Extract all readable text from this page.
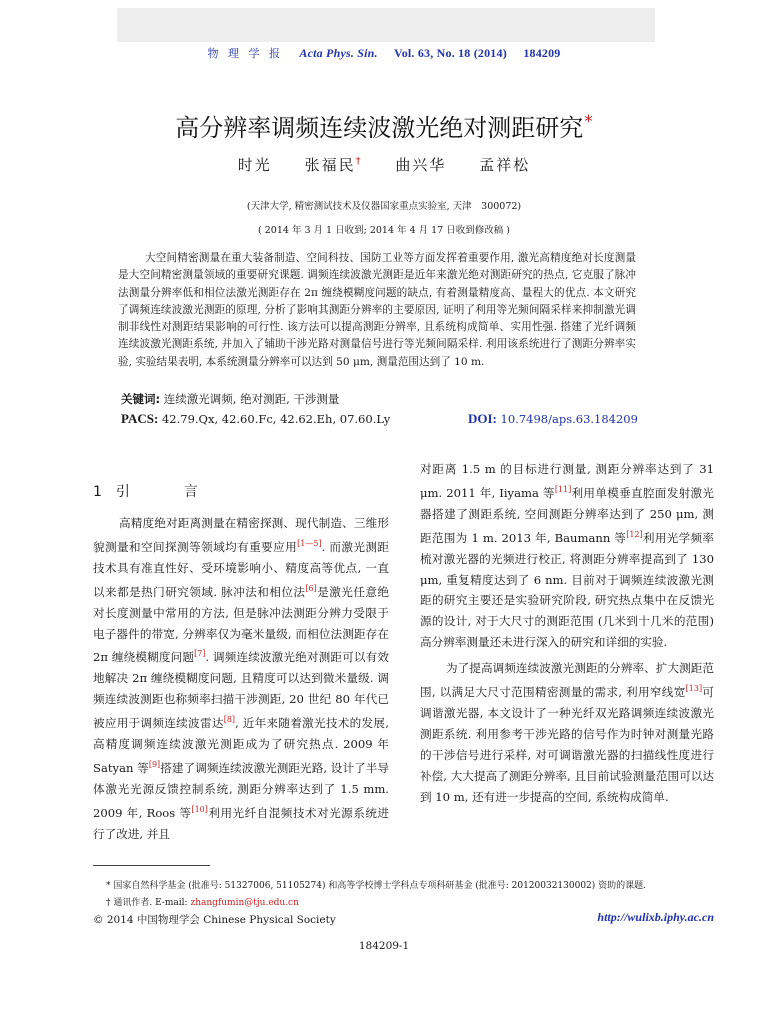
物 理 学 报 Acta Phys. Sin. Vol. 63, No. 18 (2014) 184209
高分辨率调频连续波激光绝对测距研究*
时光 张福民† 曲兴华 孟祥松
(天津大学, 精密测试技术及仪器国家重点实验室, 天津　300072)
( 2014 年 3 月 1 日收到; 2014 年 4 月 17 日收到修改稿 )
大空间精密测量在重大装备制造、空间科技、国防工业等方面发挥着重要作用, 激光高精度绝对长度测量是大空间精密测量领域的重要研究课题. 调频连续波激光测距是近年来激光绝对测距研究的热点, 它克服了脉冲法测量分辨率低和相位法激光测距存在 2π 缠绕模糊度问题的缺点, 有着测量精度高、量程大的优点. 本文研究了调频连续波激光测距的原理, 分析了影响其测距分辨率的主要原因, 证明了利用等光频间隔采样来抑制激光调制非线性对测距结果影响的可行性. 该方法可以提高测距分辨率, 且系统构成简单、实用性强. 搭建了光纤调频连续波激光测距系统, 并加入了辅助干涉光路对测量信号进行等光频间隔采样. 利用该系统进行了测距分辨率实验, 实验结果表明, 本系统测量分辨率可以达到 50 μm, 测量范围达到了 10 m.
关键词: 连续激光调频, 绝对测距, 干涉测量
PACS: 42.79.Qx, 42.60.Fc, 42.62.Eh, 07.60.Ly	DOI: 10.7498/aps.63.184209
1 引　言

高精度绝对距离测量在精密探测、现代制造、三维形貌测量和空间探测等领域均有重要应用[1—5]. 而激光测距技术具有准直性好、受环境影响小、精度高等优点, 一直以来都是热门研究领域. 脉冲法和相位法[6]是激光任意绝对长度测量中常用的方法, 但是脉冲法测距分辨力受限于电子器件的带宽, 分辨率仅为毫米量级, 而相位法测距存在 2π 缠绕模糊度问题[7]. 调频连续波激光绝对测距可以有效地解决 2π 缠绕模糊度问题, 且精度可以达到微米量级. 调频连续波测距也称频率扫描干涉测距, 20 世纪 80 年代已被应用于调频连续波雷达[8], 近年来随着激光技术的发展, 高精度调频连续波激光测距成为了研究热点. 2009 年 Satyan 等[9]搭建了调频连续波激光测距光路, 设计了半导体激光光源反馈控制系统, 测距分辨率达到了 1.5 mm. 2009 年, Roos 等[10]利用光纤自混频技术对光源系统进行了改进, 并且

对距离 1.5 m 的目标进行测量, 测距分辨率达到了 31 μm. 2011 年, Iiyama 等[11]利用单模垂直腔面发射激光器搭建了测距系统, 空间测距分辨率达到了 250 μm, 测距范围为 1 m. 2013 年, Baumann 等[12]利用光学频率梳对激光器的光频进行校正, 将测距分辨率提高到了 130 μm, 重复精度达到了 6 nm. 目前对于调频连续波激光测距的研究主要还是实验研究阶段, 研究热点集中在反馈光源的设计, 对于大尺寸的测距范围 (几米到十几米的范围) 高分辨率测量还未进行深入的研究和详细的实验.

为了提高调频连续波激光测距的分辨率、扩大测距范围, 以满足大尺寸范围精密测量的需求, 利用窄线宽[13]可调谐激光器, 本文设计了一种光纤双光路调频连续波激光测距系统. 利用参考干涉光路的信号作为时钟对测量光路的干涉信号进行采样, 对可调谐激光器的扫描线性度进行补偿, 大大提高了测距分辨率, 且目前试验测量范围可以达到 10 m, 还有进一步提高的空间, 系统构成简单.

* 国家自然科学基金 (批准号: 51327006, 51105274) 和高等学校博士学科点专项科研基金 (批准号: 20120032130002) 资助的课题.
† 通讯作者. E-mail: zhangfumin@tju.edu.cn
© 2014 中国物理学会 Chinese Physical Society	http://wulixb.iphy.ac.cn
184209-1
